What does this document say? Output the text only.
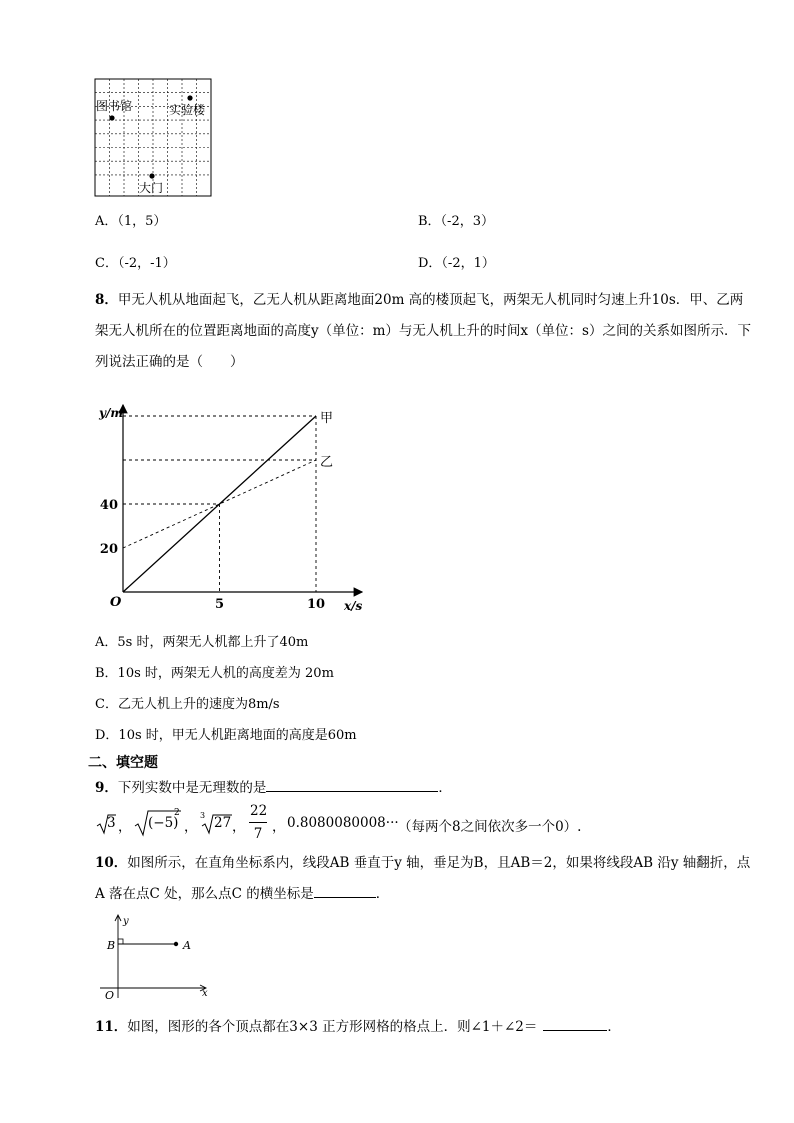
图书馆	实验楼
大门
A．（1，5）	B．（-2，3）
C．（-2，-1）	D．（-2，1）
8．甲无人机从地面起飞，乙无人机从距离地面20m 高的楼顶起飞，两架无人机同时匀速上升10s．甲、乙两架无人机所在的位置距离地面的高度y（单位：m）与无人机上升的时间x（单位：s）之间的关系如图所示．下列说法正确的是（　　）
甲
乙
5	10
20
40
y/m
x/s
O
A．5s 时，两架无人机都上升了40m
B．10s 时，两架无人机的高度差为 20m
C．乙无人机上升的速度为8m/s
D．10s 时，甲无人机距离地面的高度是60m
二、填空题
9．下列实数中是无理数的是	．
3 ， (−5)
2
，
3 27 ，
22
7 ， 0.8080080008··· （每两个8之间依次多一个0）.
10．如图所示，在直角坐标系内，线段AB 垂直于y 轴，垂足为B，且AB＝2，如果将线段AB 沿y 轴翻折，点A 落在点C 处，那么点C 的横坐标是	．
y
x
B	A
O
11．如图，图形的各个顶点都在3×3 正方形网格的格点上．则∠1＋∠2＝	．
